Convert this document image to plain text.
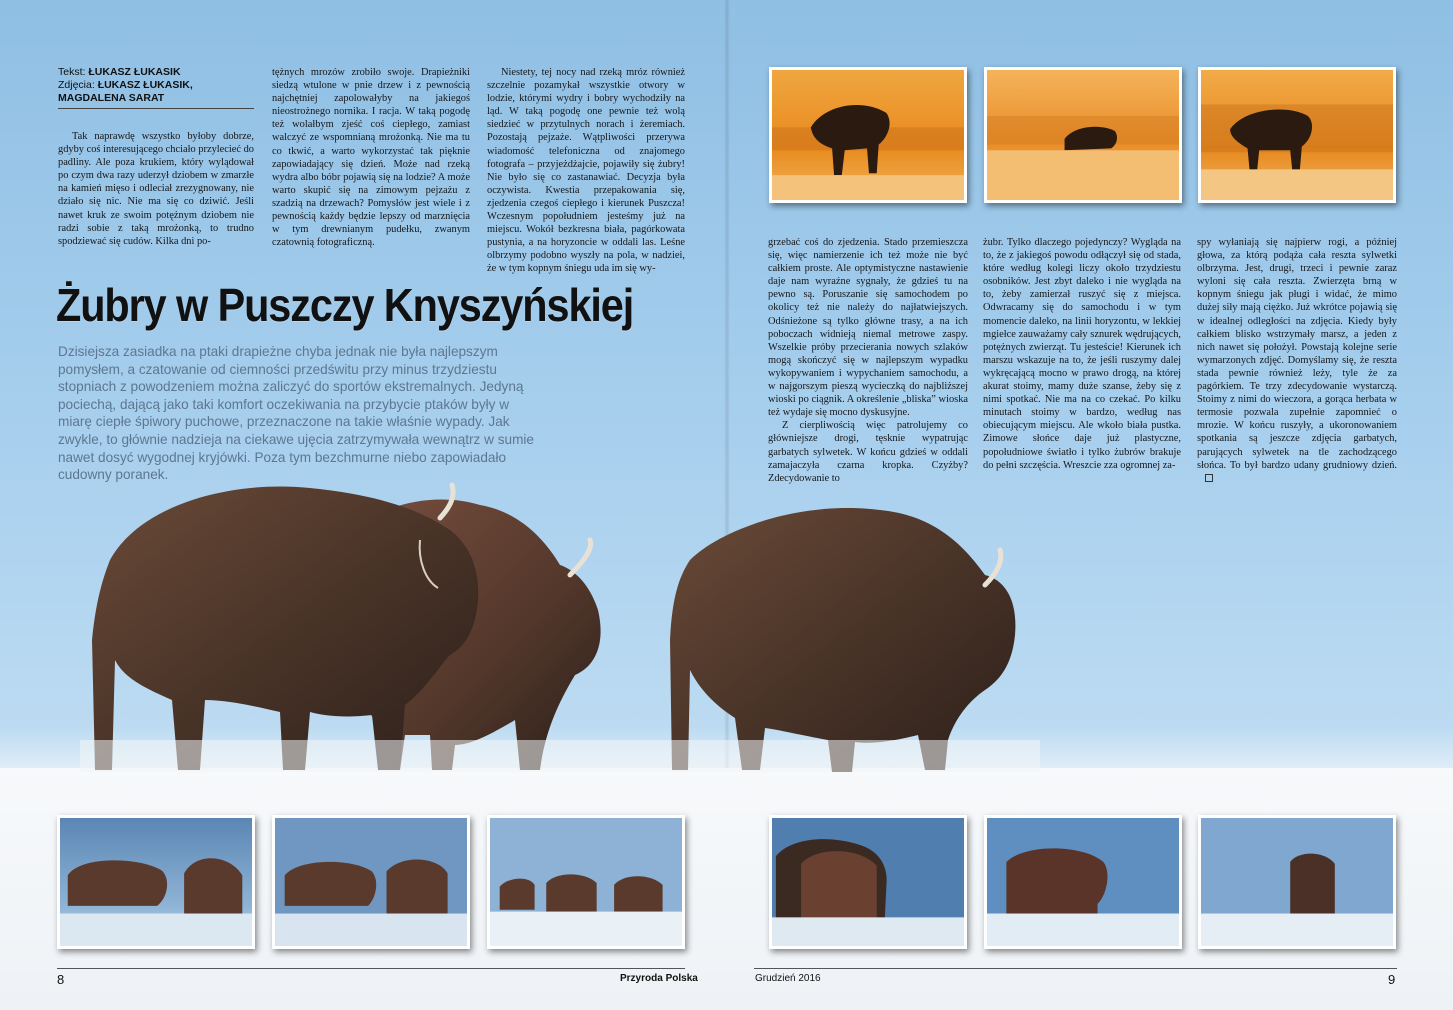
Tekst: ŁUKASZ ŁUKASIK
Zdjęcia: ŁUKASZ ŁUKASIK,
MAGDALENA SARAT

Tak naprawdę wszystko byłoby dobrze, gdyby coś interesującego chciało przylecieć do padliny. Ale poza krukiem, który wylądował po czym dwa razy uderzył dziobem w zmarzłe na kamień mięso i odleciał zrezygnowany, nie działo się nic. Nie ma się co dziwić. Jeśli nawet kruk ze swoim potężnym dziobem nie radzi sobie z taką mrożonką, to trudno spodziewać się cudów. Kilka dni po-

tężnych mrozów zrobiło swoje. Drapieżniki siedzą wtulone w pnie drzew i z pewnością najchętniej zapolowałyby na jakiegoś nieostrożnego nornika. I racja. W taką pogodę też wolałbym zjeść coś ciepłego, zamiast walczyć ze wspomnianą mrożonką. Nie ma tu co tkwić, a warto wykorzystać tak pięknie zapowiadający się dzień. Może nad rzeką wydra albo bóbr pojawią się na lodzie? A może warto skupić się na zimowym pejzażu z szadzią na drzewach? Pomysłów jest wiele i z pewnością każdy będzie lepszy od marznięcia w tym drewnianym pudełku, zwanym czatownią fotograficzną.

Niestety, tej nocy nad rzeką mróz również szczelnie pozamykał wszystkie otwory w lodzie, którymi wydry i bobry wychodziły na ląd. W taką pogodę one pewnie też wolą siedzieć w przytulnych norach i żeremiach. Pozostają pejzaże. Wątpliwości przerywa wiadomość telefoniczna od znajomego fotografa – przyjeżdżajcie, pojawiły się żubry! Nie było się co zastanawiać. Decyzja była oczywista. Kwestia przepakowania się, zjedzenia czegoś ciepłego i kierunek Puszcza! Wczesnym popołudniem jesteśmy już na miejscu. Wokół bezkresna biała, pagórkowata pustynia, a na horyzoncie w oddali las. Leśne olbrzymy podobno wyszły na pola, w nadziei, że w tym kopnym śniegu uda im się wy-

Żubry w Puszczy Knyszyńskiej
Dzisiejsza zasiadka na ptaki drapieżne chyba jednak nie była najlepszym pomysłem, a czatowanie od ciemności przedświtu przy minus trzydziestu stopniach z powodzeniem można zaliczyć do sportów ekstremalnych. Jedyną pociechą, dającą jako taki komfort oczekiwania na przybycie ptaków były w miarę ciepłe śpiwory puchowe, przeznaczone na takie właśnie wypady. Jak zwykle, to głównie nadzieja na ciekawe ujęcia zatrzymywała wewnątrz w sumie nawet dosyć wygodnej kryjówki. Poza tym bezchmurne niebo zapowiadało cudowny poranek.

grzebać coś do zjedzenia. Stado przemieszcza się, więc namierzenie ich też może nie być całkiem proste. Ale optymistyczne nastawienie daje nam wyraźne sygnały, że gdzieś tu na pewno są. Poruszanie się samochodem po okolicy też nie należy do najłatwiejszych. Odśnieżone są tylko główne trasy, a na ich poboczach widnieją niemal metrowe zaspy. Wszelkie próby przecierania nowych szlaków mogą skończyć się w najlepszym wypadku wykopywaniem i wypychaniem samochodu, a w najgorszym pieszą wycieczką do najbliższej wioski po ciągnik. A określenie „bliska” wioska też wydaje się mocno dyskusyjne.

Z cierpliwością więc patrolujemy co główniejsze drogi, tęsknie wypatrując garbatych sylwetek. W końcu gdzieś w oddali zamajaczyła czarna kropka. Czyżby? Zdecydowanie to

żubr. Tylko dlaczego pojedynczy? Wygląda na to, że z jakiegoś powodu odłączył się od stada, które według kolegi liczy około trzydziestu osobników. Jest zbyt daleko i nie wygląda na to, żeby zamierzał ruszyć się z miejsca. Odwracamy się do samochodu i w tym momencie daleko, na linii horyzontu, w lekkiej mgiełce zauważamy cały sznurek wędrujących, potężnych zwierząt. Tu jesteście! Kierunek ich marszu wskazuje na to, że jeśli ruszymy dalej wykręcającą mocno w prawo drogą, na której akurat stoimy, mamy duże szanse, żeby się z nimi spotkać. Nie ma na co czekać. Po kilku minutach stoimy w bardzo, według nas obiecującym miejscu. Ale wkoło biała pustka. Zimowe słońce daje już plastyczne, popołudniowe światło i tylko żubrów brakuje do pełni szczęścia. Wreszcie zza ogromnej za-

spy wyłaniają się najpierw rogi, a później głowa, za którą podąża cała reszta sylwetki olbrzyma. Jest, drugi, trzeci i pewnie zaraz wyloni się cała reszta. Zwierzęta brną w kopnym śniegu jak pługi i widać, że mimo dużej siły mają ciężko. Już wkrótce pojawią się w idealnej odległości na zdjęcia. Kiedy były całkiem blisko wstrzymały marsz, a jeden z nich nawet się położył. Powstają kolejne serie wymarzonych zdjęć. Domyślamy się, że reszta stada pewnie również leży, tyle że za pagórkiem. Te trzy zdecydowanie wystarczą. Stoimy z nimi do wieczora, a gorąca herbata w termosie pozwala zupełnie zapomnieć o mrozie. W końcu ruszyły, a ukoronowaniem spotkania są jeszcze zdjęcia garbatych, parujących sylwetek na tle zachodzącego słońca. To był bardzo udany grudniowy dzień.

8	Przyroda Polska	Grudzień 2016	9
